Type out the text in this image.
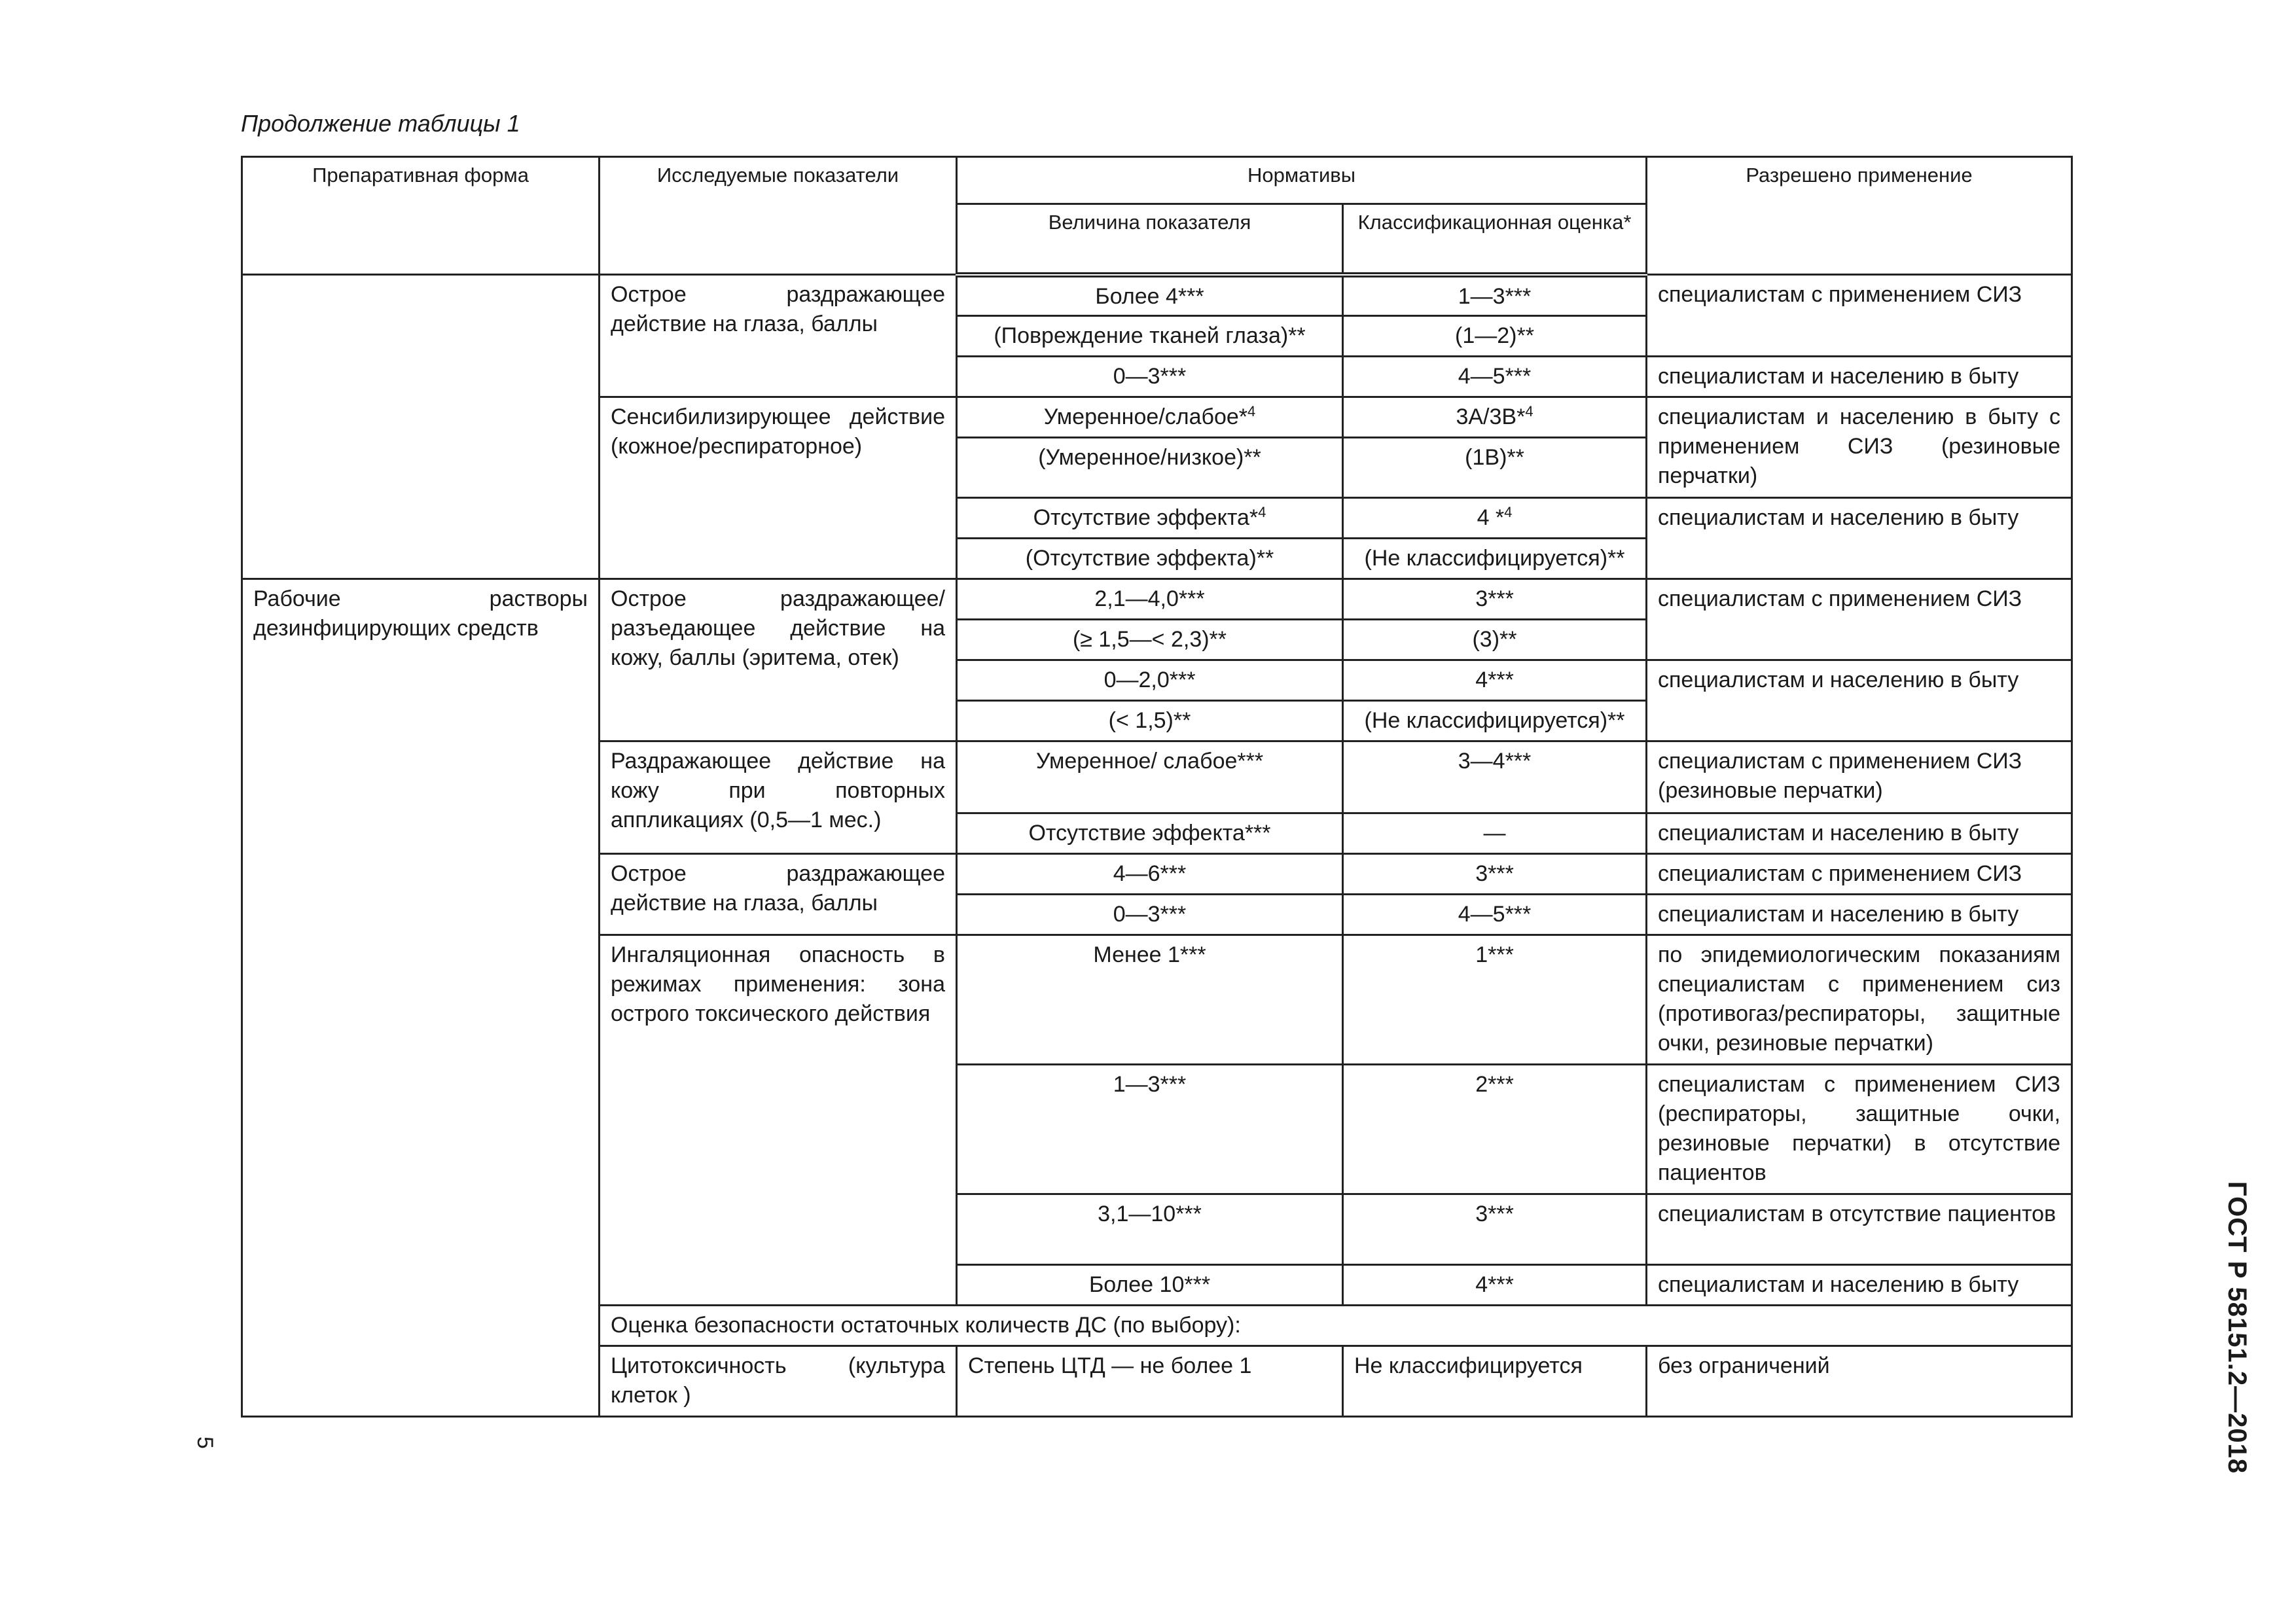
Продолжение таблицы 1
Препаративная форма	Исследуемые показатели	Нормативы		Разрешено применение
		Величина показателя	Классификационная оценка*	
	Острое раздражающее действие на глаза, баллы	Более 4***	1—3***	специалистам с применением СИЗ
		(Повреждение тканей глаза)**	(1—2)**	
		0—3***	4—5***	специалистам и населению в быту
	Сенсибилизирующее действие (кожное/респираторное)	Умеренное/слабое*$^4$	3А/3В*$^4$	специалистам и населению в быту с применением СИЗ (резиновые перчатки)
		(Умеренное/низкое)**	(1В)**	
		Отсутствие эффекта*$^4$	4 *$^4$	специалистам и населению в быту
		(Отсутствие эффекта)**	(Не классифицируется)**	
Рабочие растворы дезинфицирующих средств	Острое раздражающее/ разъедающее действие на кожу, баллы (эритема, отек)	2,1—4,0***	3***	специалистам с применением СИЗ
		(≥ 1,5—< 2,3)**	(3)**	
		0—2,0***	4***	специалистам и населению в быту
		(< 1,5)**	(Не классифицируется)**	
	Раздражающее действие на кожу при повторных аппликациях (0,5—1 мес.)	Умеренное/ слабое***	3—4***	специалистам с применением СИЗ (резиновые перчатки)
		Отсутствие эффекта***	—	специалистам и населению в быту
	Острое раздражающее действие на глаза, баллы	4—6***	3***	специалистам с применением СИЗ
		0—3***	4—5***	специалистам и населению в быту
	Ингаляционная опасность в режимах применения: зона острого токсического действия	Менее 1***	1***	по эпидемиологическим показаниям специалистам с применением сиз (противогаз/респираторы, защитные очки, резиновые перчатки)
		1—3***	2***	специалистам с применением СИЗ (респираторы, защитные очки, резиновые перчатки) в отсутствие пациентов
		3,1—10***	3***	специалистам в отсутствие пациентов
		Более 10***	4***	специалистам и населению в быту
	Оценка безопасности остаточных количеств ДС (по выбору):			
	Цитотоксичность (культура клеток )	Степень ЦТД — не более 1	Не классифицируется	без ограничений
5	ГОСТ Р 58151.2—2018
